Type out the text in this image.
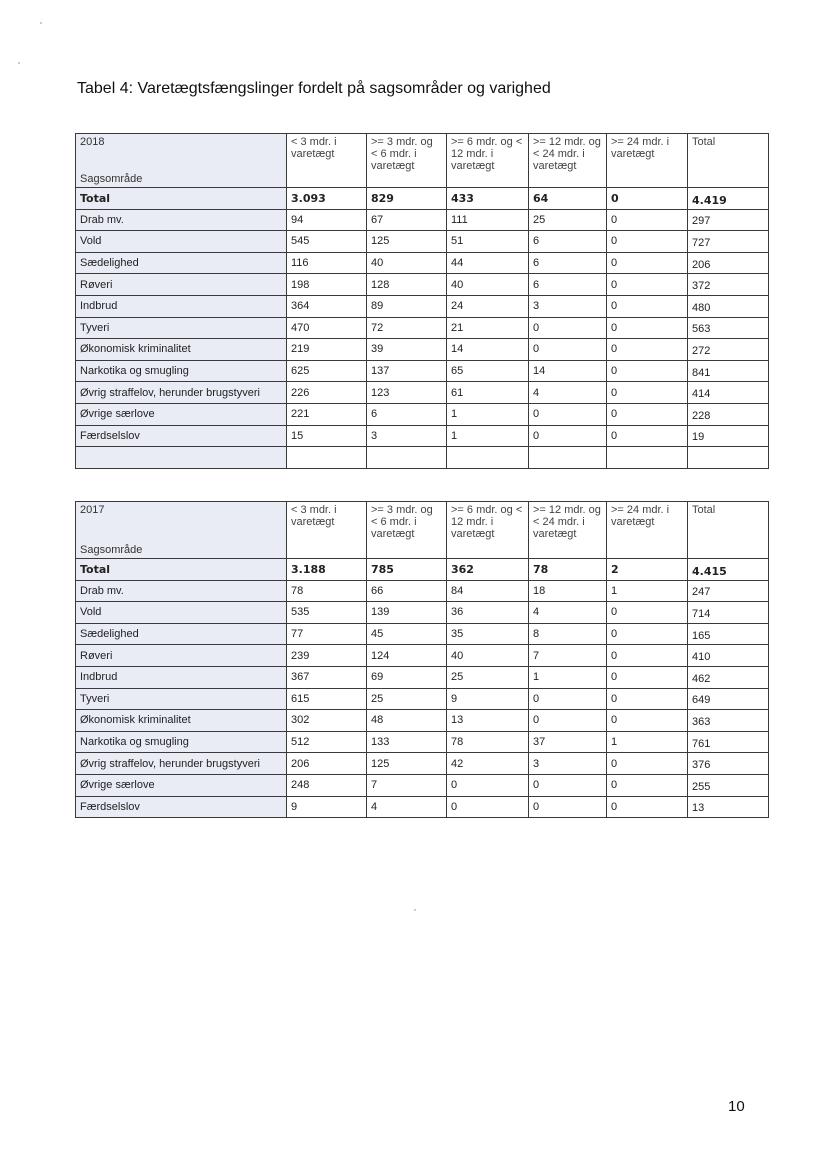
Tabel 4: Varetægtsfængslinger fordelt på sagsområder og varighed
2018
Sagsområde	< 3 mdr. i varetægt	>= 3 mdr. og < 6 mdr. i varetægt	>= 6 mdr. og < 12 mdr. i varetægt	>= 12 mdr. og < 24 mdr. i varetægt	>= 24 mdr. i varetægt	Total
Total	3.093	829	433	64	0	4.419
Drab mv.	94	67	111	25	0	297
Vold	545	125	51	6	0	727
Sædelighed	116	40	44	6	0	206
Røveri	198	128	40	6	0	372
Indbrud	364	89	24	3	0	480
Tyveri	470	72	21	0	0	563
Økonomisk kriminalitet	219	39	14	0	0	272
Narkotika og smugling	625	137	65	14	0	841
Øvrig straffelov, herunder brugstyveri	226	123	61	4	0	414
Øvrige særlove	221	6	1	0	0	228
Færdselslov	15	3	1	0	0	19

2017
Sagsområde	< 3 mdr. i varetægt	>= 3 mdr. og < 6 mdr. i varetægt	>= 6 mdr. og < 12 mdr. i varetægt	>= 12 mdr. og < 24 mdr. i varetægt	>= 24 mdr. i varetægt	Total
Total	3.188	785	362	78	2	4.415
Drab mv.	78	66	84	18	1	247
Vold	535	139	36	4	0	714
Sædelighed	77	45	35	8	0	165
Røveri	239	124	40	7	0	410
Indbrud	367	69	25	1	0	462
Tyveri	615	25	9	0	0	649
Økonomisk kriminalitet	302	48	13	0	0	363
Narkotika og smugling	512	133	78	37	1	761
Øvrig straffelov, herunder brugstyveri	206	125	42	3	0	376
Øvrige særlove	248	7	0	0	0	255
Færdselslov	9	4	0	0	0	13
10
